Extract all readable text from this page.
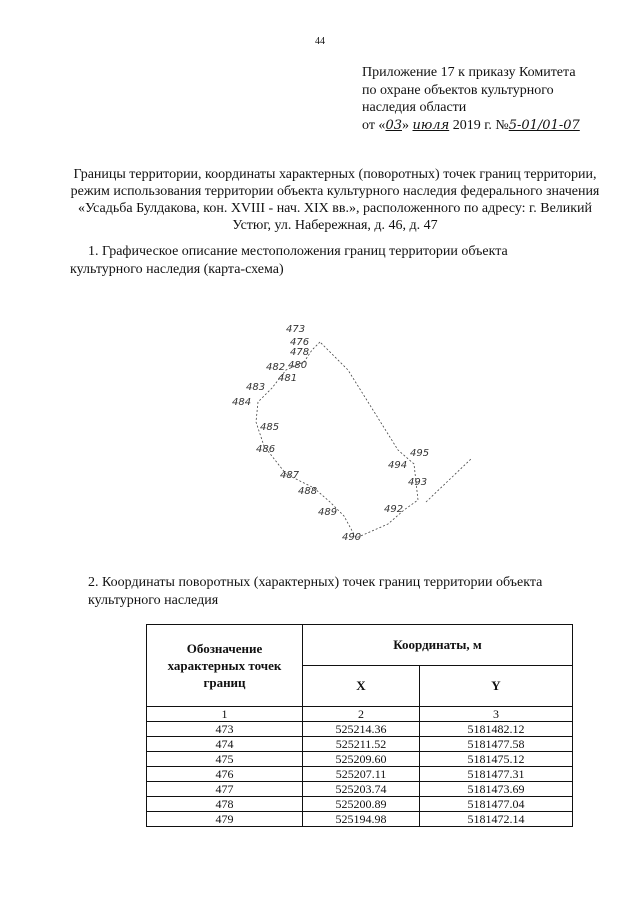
44
Приложение 17 к приказу Комитета
по охране объектов культурного
наследия области
от «03» июля 2019 г. №5-01/01-07
Границы территории, координаты характерных (поворотных) точек границ территории, режим использования территории объекта культурного наследия федерального значения «Усадьба Булдакова, кон. XVIII - нач. XIX вв.», расположенного по адресу: г. Великий Устюг, ул. Набережная, д. 46, д. 47
1. Графическое описание местоположения границ территории объекта
культурного наследия (карта-схема)
473
476
478
482 480
481
483
484
485
486
487
488
489
490
492
493
494
495
2. Координаты поворотных (характерных) точек границ территории объекта
культурного наследия
Обозначение характерных точек границ	Координаты, м	
	X	Y
1	2	3
473	525214.36	5181482.12
474	525211.52	5181477.58
475	525209.60	5181475.12
476	525207.11	5181477.31
477	525203.74	5181473.69
478	525200.89	5181477.04
479	525194.98	5181472.14
